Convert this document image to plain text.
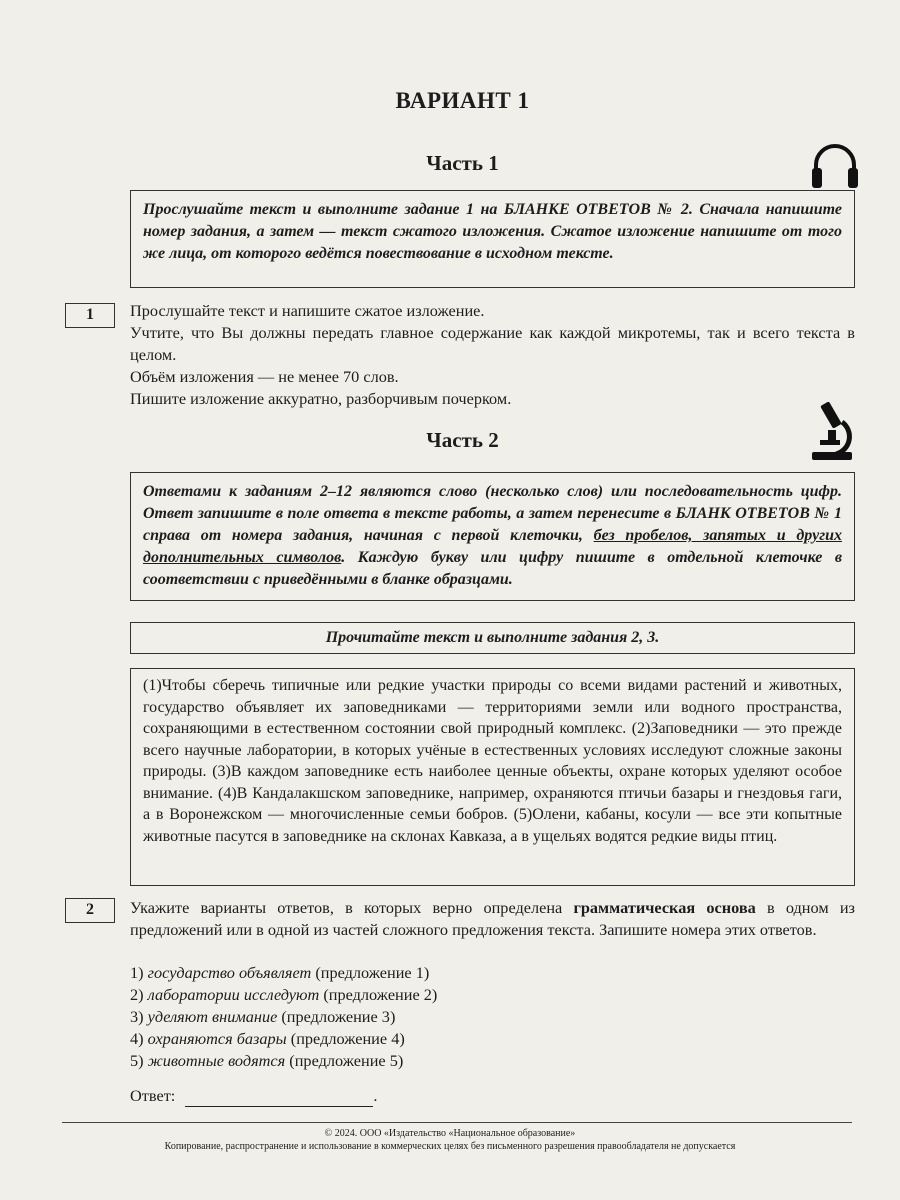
ВАРИАНТ 1
Часть 1
Прослушайте текст и выполните задание 1 на БЛАНКЕ ОТВЕТОВ № 2. Сначала напишите номер задания, а затем — текст сжатого изложения. Сжатое изложение напишите от того же лица, от которого ведётся повествование в исходном тексте.
1	Прослушайте текст и напишите сжатое изложение.

Учтите, что Вы должны передать главное содержание как каждой микротемы, так и всего текста в целом.

Объём изложения — не менее 70 слов.

Пишите изложение аккуратно, разборчивым почерком.

Часть 2
Ответами к заданиям 2–12 являются слово (несколько слов) или последовательность цифр. Ответ запишите в поле ответа в тексте работы, а затем перенесите в БЛАНК ОТВЕТОВ № 1 справа от номера задания, начиная с первой клеточки, без пробелов, запятых и других дополнительных символов. Каждую букву или цифру пишите в отдельной клеточке в соответствии с приведёнными в бланке образцами.
Прочитайте текст и выполните задания 2, 3.
(1)Чтобы сберечь типичные или редкие участки природы со всеми видами растений и животных, государство объявляет их заповедниками — территориями земли или водного пространства, сохраняющими в естественном состоянии свой природный комплекс. (2)Заповедники — это прежде всего научные лаборатории, в которых учёные в естественных условиях исследуют сложные законы природы. (3)В каждом заповеднике есть наиболее ценные объекты, охране которых уделяют особое внимание. (4)В Кандалакшском заповеднике, например, охраняются птичьи базары и гнездовья гаги, а в Воронежском — многочисленные семьи бобров. (5)Олени, кабаны, косули — все эти копытные животные пасутся в заповеднике на склонах Кавказа, а в ущельях водятся редкие виды птиц.
2	Укажите варианты ответов, в которых верно определена грамматическая основа в одном из предложений или в одной из частей сложного предложения текста. Запишите номера этих ответов.

1) государство объявляет (предложение 1)

2) лаборатории исследуют (предложение 2)

3) уделяют внимание (предложение 3)

4) охраняются базары (предложение 4)

5) животные водятся (предложение 5)

Ответ:	.
© 2024. ООО «Издательство «Национальное образование»
Копирование, распространение и использование в коммерческих целях без письменного разрешения правообладателя не допускается
